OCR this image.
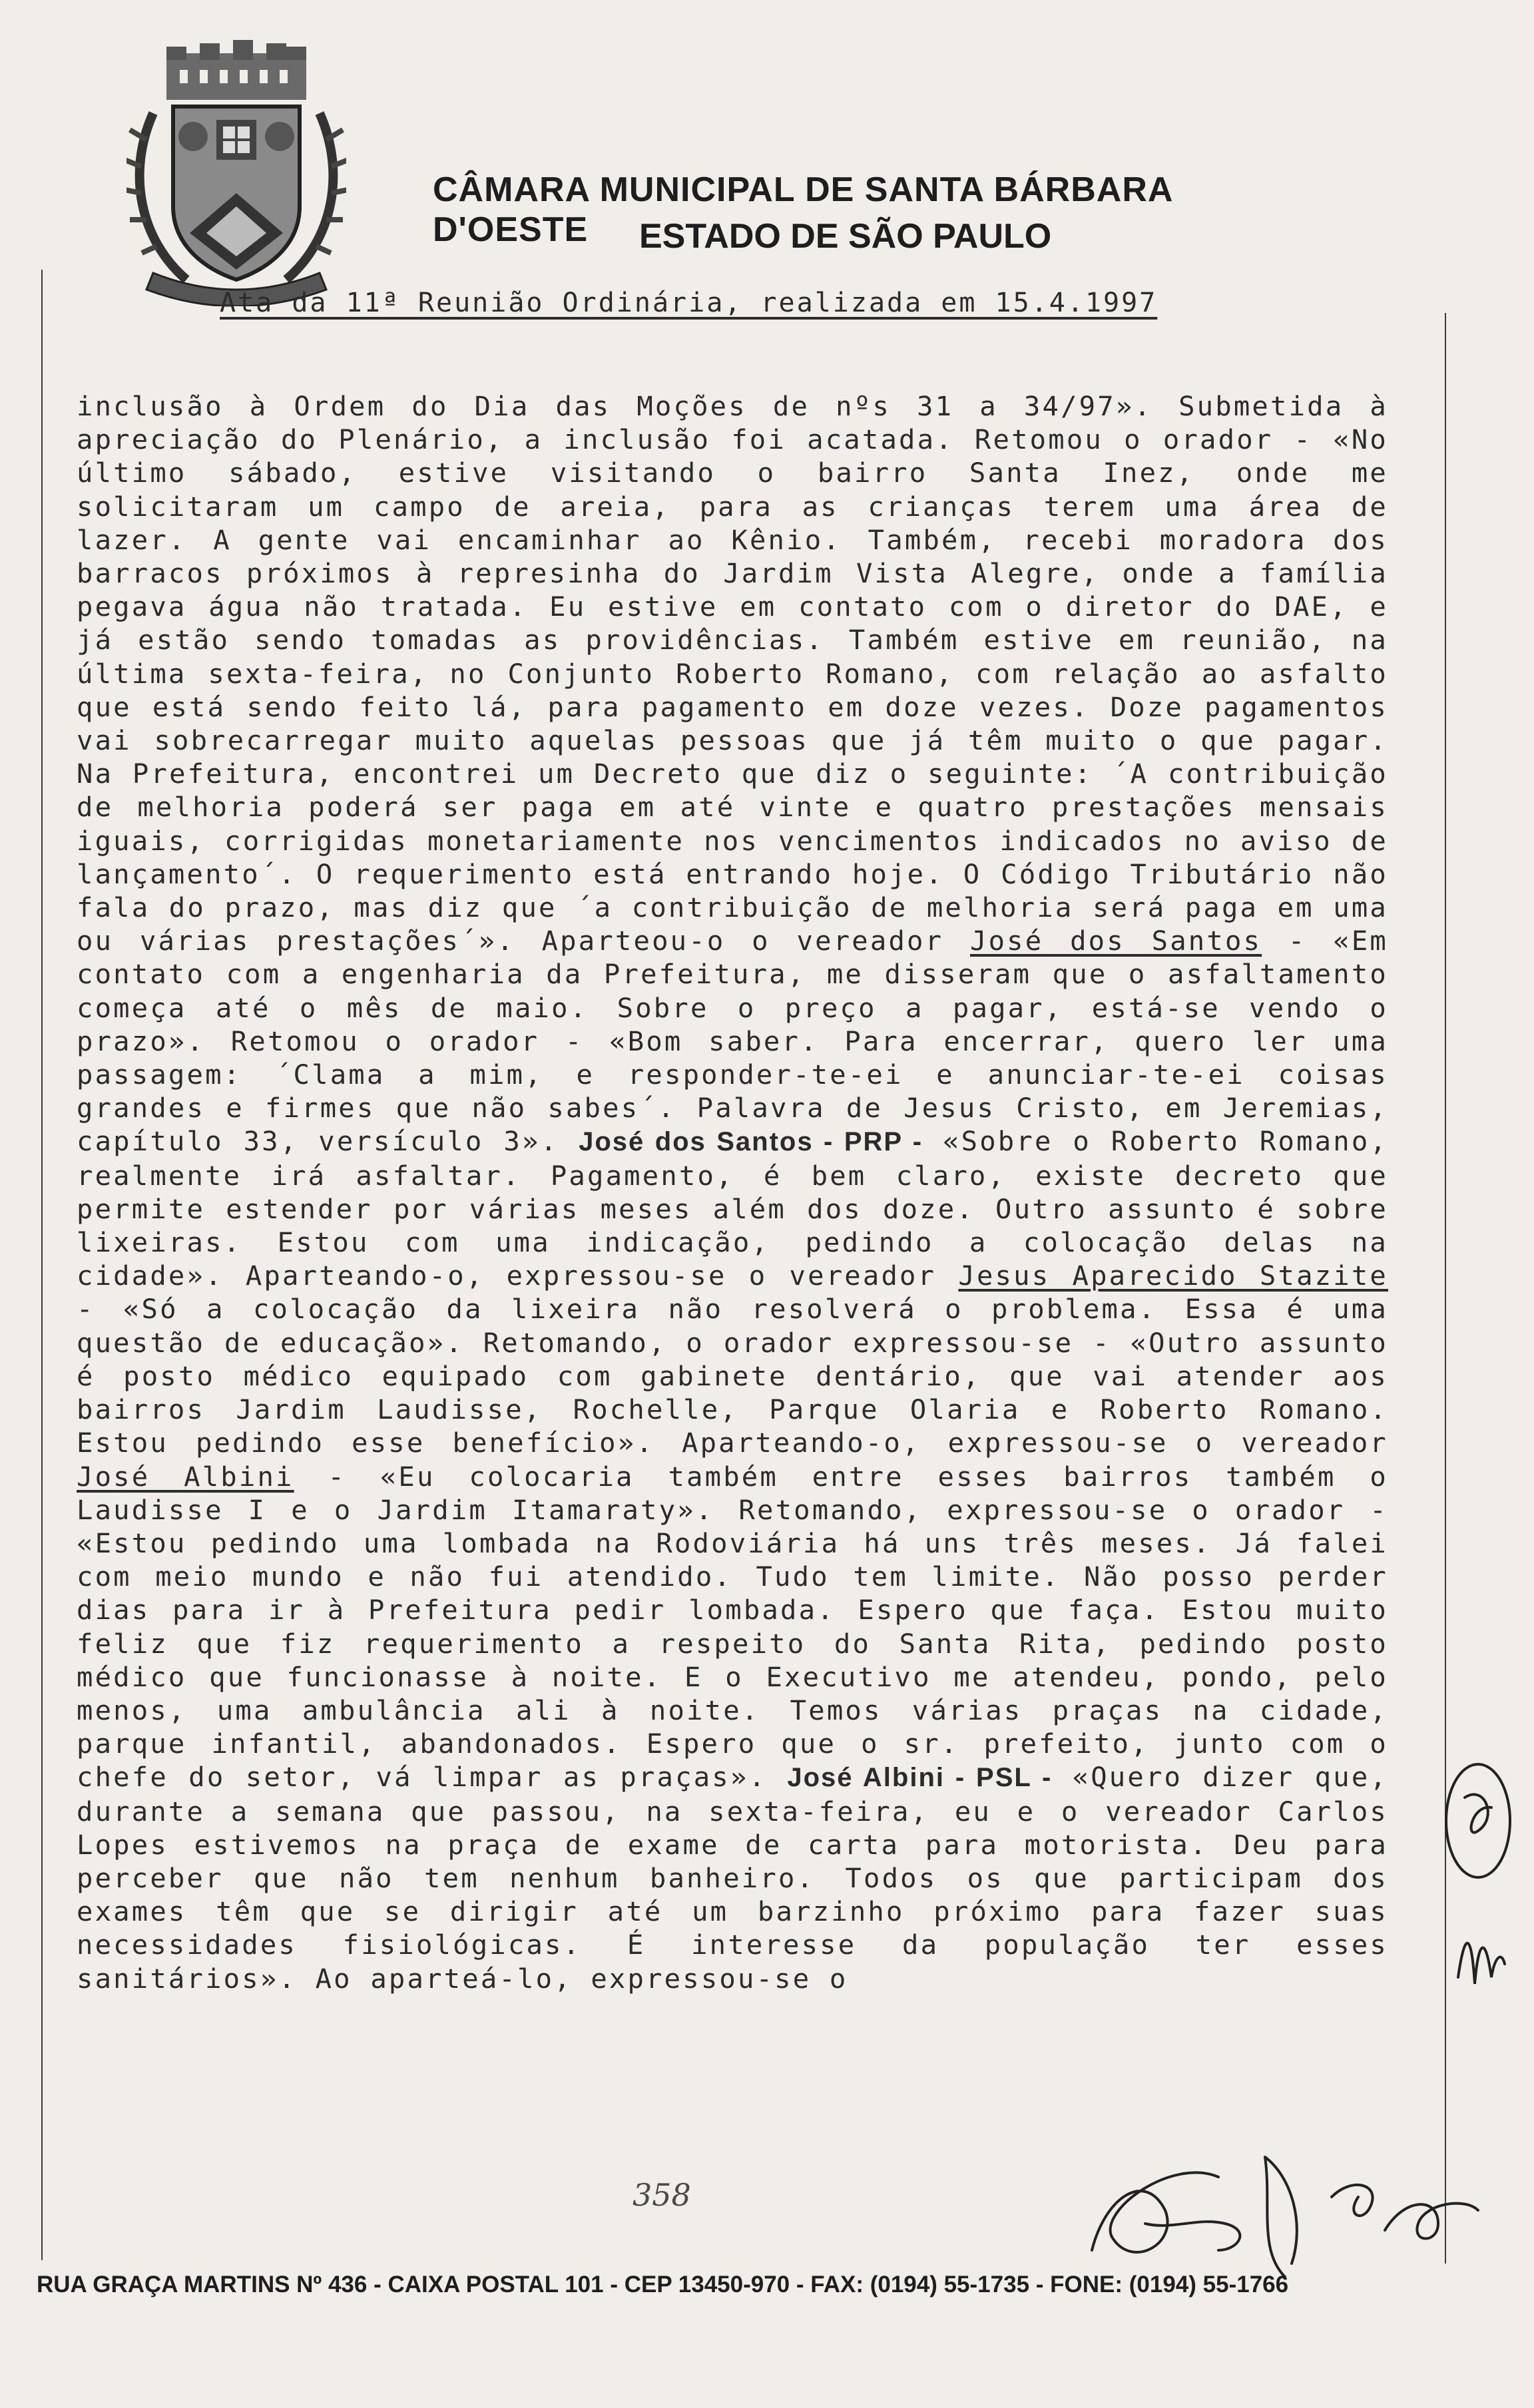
CÂMARA MUNICIPAL DE SANTA BÁRBARA D'OESTE	ESTADO DE SÃO PAULO
Ata da 11ª Reunião Ordinária, realizada em 15.4.1997
inclusão à Ordem do Dia das Moções de nºs 31 a 34/97». Submetida à apreciação do Plenário, a inclusão foi acatada. Retomou o orador - «No último sábado, estive visitando o bairro Santa Inez, onde me solicitaram um campo de areia, para as crianças terem uma área de lazer. A gente vai encaminhar ao Kênio. Também, recebi moradora dos barracos próximos à represinha do Jardim Vista Alegre, onde a família pegava água não tratada. Eu estive em contato com o diretor do DAE, e já estão sendo tomadas as providências. Também estive em reunião, na última sexta-feira, no Conjunto Roberto Romano, com relação ao asfalto que está sendo feito lá, para pagamento em doze vezes. Doze pagamentos vai sobrecarregar muito aquelas pessoas que já têm muito o que pagar. Na Prefeitura, encontrei um Decreto que diz o seguinte: ´A contribuição de melhoria poderá ser paga em até vinte e quatro prestações mensais iguais, corrigidas monetariamente nos vencimentos indicados no aviso de lançamento´. O requerimento está entrando hoje. O Código Tributário não fala do prazo, mas diz que ´a contribuição de melhoria será paga em uma ou várias prestações´». Aparteou-o o vereador José dos Santos - «Em contato com a engenharia da Prefeitura, me disseram que o asfaltamento começa até o mês de maio. Sobre o preço a pagar, está-se vendo o prazo». Retomou o orador - «Bom saber. Para encerrar, quero ler uma passagem: ´Clama a mim, e responder-te-ei e anunciar-te-ei coisas grandes e firmes que não sabes´. Palavra de Jesus Cristo, em Jeremias, capítulo 33, versículo 3». José dos Santos - PRP - «Sobre o Roberto Romano, realmente irá asfaltar. Pagamento, é bem claro, existe decreto que permite estender por várias meses além dos doze. Outro assunto é sobre lixeiras. Estou com uma indicação, pedindo a colocação delas na cidade». Aparteando-o, expressou-se o vereador Jesus Aparecido Stazite - «Só a colocação da lixeira não resolverá o problema. Essa é uma questão de educação». Retomando, o orador expressou-se - «Outro assunto é posto médico equipado com gabinete dentário, que vai atender aos bairros Jardim Laudisse, Rochelle, Parque Olaria e Roberto Romano. Estou pedindo esse benefício». Aparteando-o, expressou-se o vereador José Albini - «Eu colocaria também entre esses bairros também o Laudisse I e o Jardim Itamaraty». Retomando, expressou-se o orador - «Estou pedindo uma lombada na Rodoviária há uns três meses. Já falei com meio mundo e não fui atendido. Tudo tem limite. Não posso perder dias para ir à Prefeitura pedir lombada. Espero que faça. Estou muito feliz que fiz requerimento a respeito do Santa Rita, pedindo posto médico que funcionasse à noite. E o Executivo me atendeu, pondo, pelo menos, uma ambulância ali à noite. Temos várias praças na cidade, parque infantil, abandonados. Espero que o sr. prefeito, junto com o chefe do setor, vá limpar as praças». José Albini - PSL - «Quero dizer que, durante a semana que passou, na sexta-feira, eu e o vereador Carlos Lopes estivemos na praça de exame de carta para motorista. Deu para perceber que não tem nenhum banheiro. Todos os que participam dos exames têm que se dirigir até um barzinho próximo para fazer suas necessidades fisiológicas. É interesse da população ter esses sanitários». Ao aparteá-lo, expressou-se o
358
RUA GRAÇA MARTINS Nº 436 - CAIXA POSTAL 101 - CEP 13450-970 - FAX: (0194) 55-1735 - FONE: (0194) 55-1766
